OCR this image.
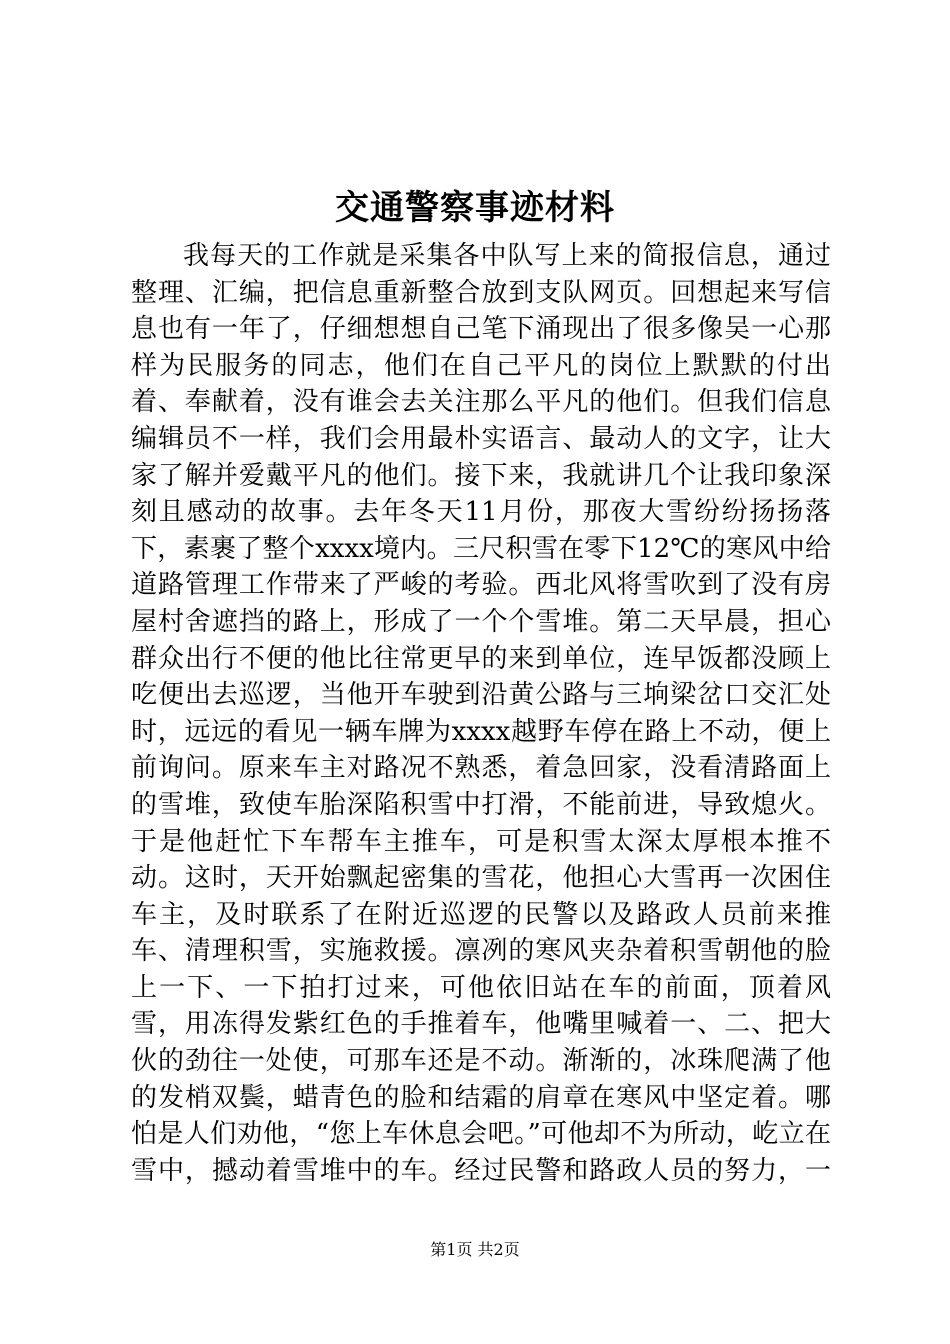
交通警察事迹材料
我每天的工作就是采集各中队写上来的简报信息，通过整理、汇编，把信息重新整合放到支队网页。回想起来写信息也有一年了，仔细想想自己笔下涌现出了很多像吴一心那样为民服务的同志，他们在自己平凡的岗位上默默的付出着、奉献着，没有谁会去关注那么平凡的他们。但我们信息编辑员不一样，我们会用最朴实语言、最动人的文字，让大家了解并爱戴平凡的他们。接下来，我就讲几个让我印象深刻且感动的故事。去年冬天11月份，那夜大雪纷纷扬扬落下，素裹了整个xxxx境内。三尺积雪在零下12℃的寒风中给道路管理工作带来了严峻的考验。西北风将雪吹到了没有房屋村舍遮挡的路上，形成了一个个雪堆。第二天早晨，担心群众出行不便的他比往常更早的来到单位，连早饭都没顾上吃便出去巡逻，当他开车驶到沿黄公路与三垧梁岔口交汇处时，远远的看见一辆车牌为xxxx越野车停在路上不动，便上前询问。原来车主对路况不熟悉，着急回家，没看清路面上的雪堆，致使车胎深陷积雪中打滑，不能前进，导致熄火。于是他赶忙下车帮车主推车，可是积雪太深太厚根本推不动。这时，天开始飘起密集的雪花，他担心大雪再一次困住车主，及时联系了在附近巡逻的民警以及路政人员前来推车、清理积雪，实施救援。凛冽的寒风夹杂着积雪朝他的脸上一下、一下拍打过来，可他依旧站在车的前面，顶着风雪，用冻得发紫红色的手推着车，他嘴里喊着一、二、把大伙的劲往一处使，可那车还是不动。渐渐的，冰珠爬满了他的发梢双鬓，蜡青色的脸和结霜的肩章在寒风中坚定着。哪怕是人们劝他，“您上车休息会吧。”可他却不为所动，屹立在雪中，撼动着雪堆中的车。经过民警和路政人员的努力，一
第1页 共2页
